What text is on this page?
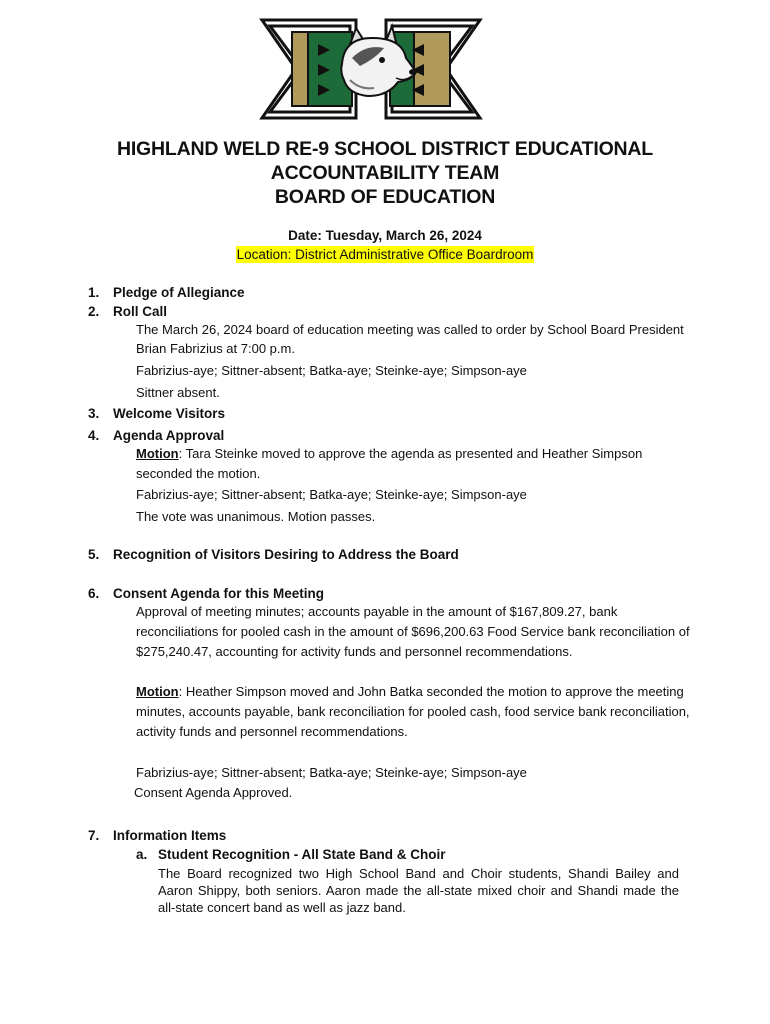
HIGHLAND WELD RE-9 SCHOOL DISTRICT EDUCATIONAL
ACCOUNTABILITY TEAM
BOARD OF EDUCATION
Date: Tuesday, March 26, 2024
Location: District Administrative Office Boardroom
1. Pledge of Allegiance
2. Roll Call
The March 26, 2024 board of education meeting was called to order by School Board President
Brian Fabrizius at 7:00 p.m.
Fabrizius-aye; Sittner-absent; Batka-aye; Steinke-aye; Simpson-aye
Sittner absent.
3. Welcome Visitors
4. Agenda Approval
Motion: Tara Steinke moved to approve the agenda as presented and Heather Simpson
seconded the motion.
Fabrizius-aye; Sittner-absent; Batka-aye; Steinke-aye; Simpson-aye
The vote was unanimous. Motion passes.
5. Recognition of Visitors Desiring to Address the Board
6. Consent Agenda for this Meeting
Approval of meeting minutes; accounts payable in the amount of $167,809.27, bank
reconciliations for pooled cash in the amount of $696,200.63 Food Service bank reconciliation of
$275,240.47, accounting for activity funds and personnel recommendations.
Motion: Heather Simpson moved and John Batka seconded the motion to approve the meeting
minutes, accounts payable, bank reconciliation for pooled cash, food service bank reconciliation,
activity funds and personnel recommendations.
Fabrizius-aye; Sittner-absent; Batka-aye; Steinke-aye; Simpson-aye
Consent Agenda Approved.
7. Information Items
a. Student Recognition - All State Band & Choir
The Board recognized two High School Band and Choir students, Shandi Bailey and Aaron Shippy, both seniors. Aaron made the all-state mixed choir and Shandi made the all-state concert band as well as jazz band.
